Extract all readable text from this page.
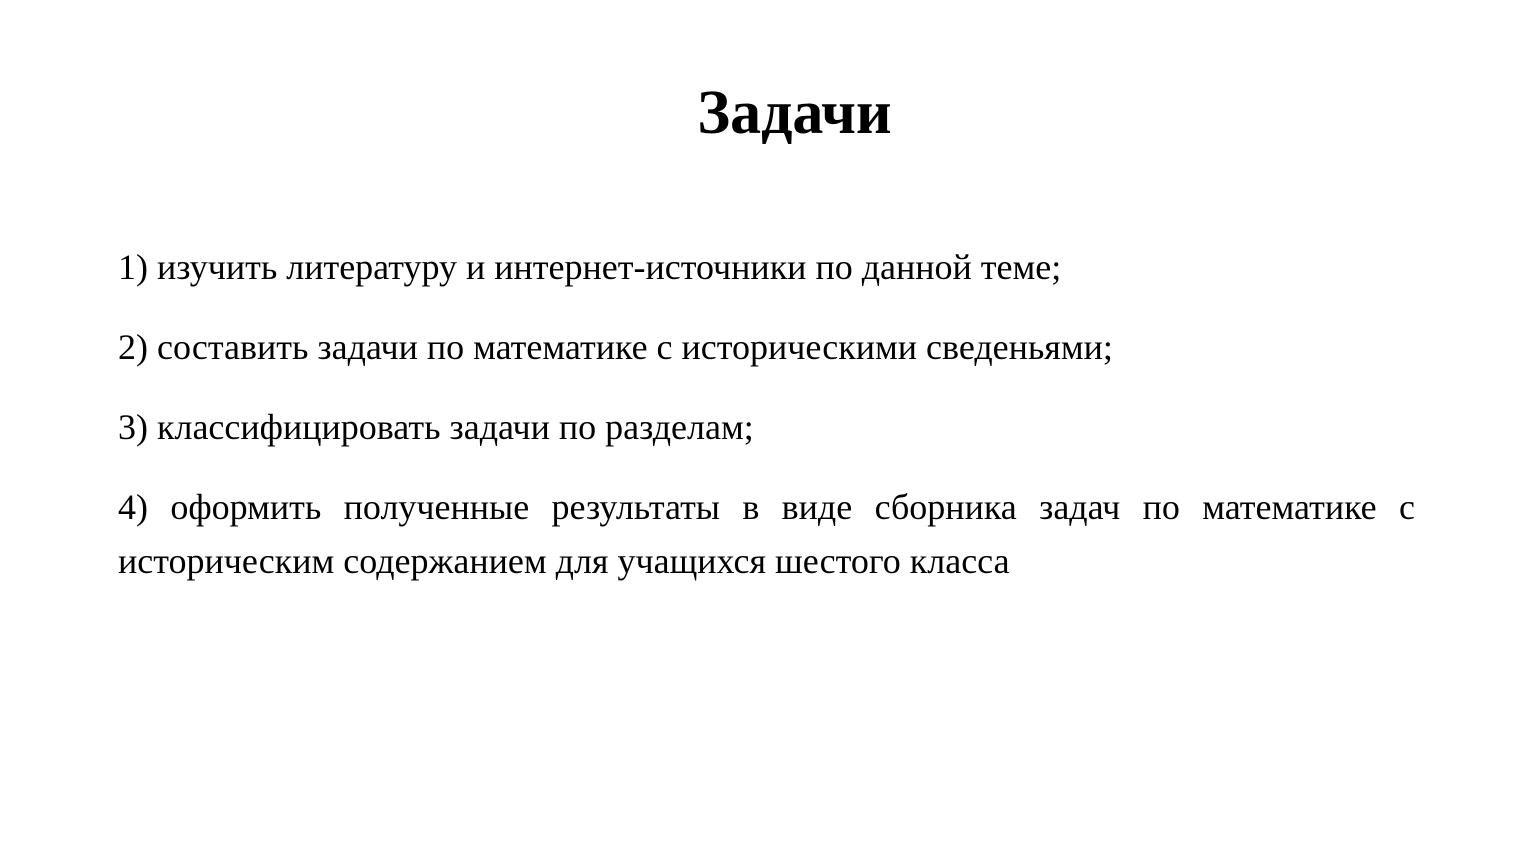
Задачи
1) изучить литературу и интернет-источники по данной теме;
2) составить задачи по математике с историческими сведеньями;
3) классифицировать задачи по разделам;
4) оформить полученные результаты в виде сборника задач по математике с историческим содержанием для учащихся шестого класса
